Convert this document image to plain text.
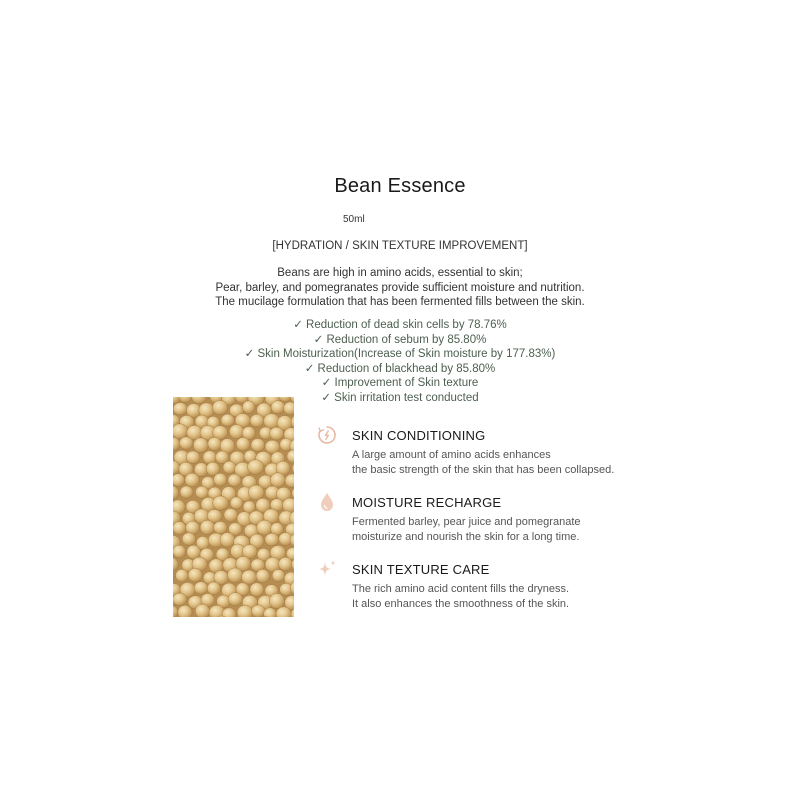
Bean Essence
50ml
[HYDRATION / SKIN TEXTURE IMPROVEMENT]
Beans are high in amino acids, essential to skin;
Pear, barley, and pomegranates provide sufficient moisture and nutrition.
The mucilage formulation that has been fermented fills between the skin.
✓ Reduction of dead skin cells by 78.76%
✓ Reduction of sebum by 85.80%
✓ Skin Moisturization(Increase of Skin moisture by 177.83%)
✓ Reduction of blackhead by 85.80%
✓ Improvement of Skin texture
✓ Skin irritation test conducted
SKIN CONDITIONING
A large amount of amino acids enhances
the basic strength of the skin that has been collapsed.
MOISTURE RECHARGE
Fermented barley, pear juice and pomegranate
moisturize and nourish the skin for a long time.
SKIN TEXTURE CARE
The rich amino acid content fills the dryness.
It also enhances the smoothness of the skin.
